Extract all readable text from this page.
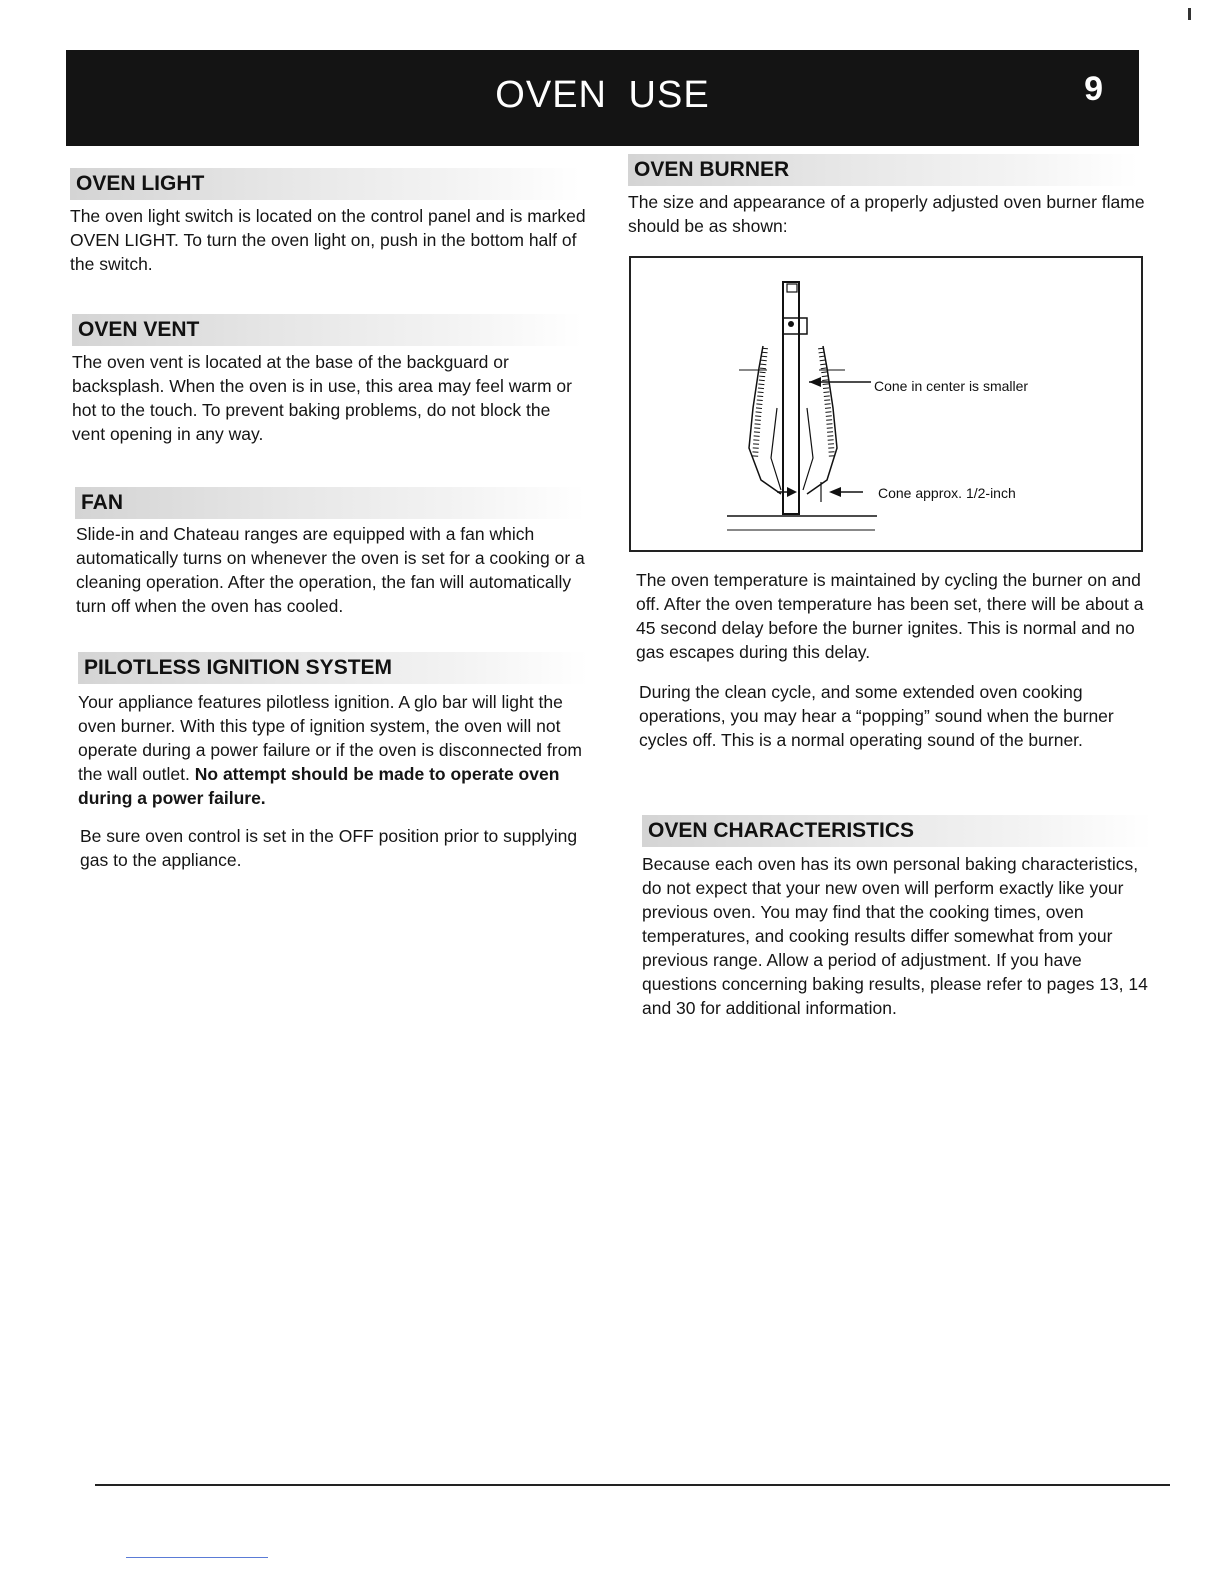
OVEN USE	9
OVEN LIGHT

The oven light switch is located on the control panel and is marked OVEN LIGHT. To turn the oven light on, push in the bottom half of the switch.

OVEN VENT

The oven vent is located at the base of the backguard or backsplash. When the oven is in use, this area may feel warm or hot to the touch. To prevent baking problems, do not block the vent opening in any way.

FAN

Slide-in and Chateau ranges are equipped with a fan which automatically turns on whenever the oven is set for a cooking or a cleaning operation. After the operation, the fan will automatically turn off when the oven has cooled.

PILOTLESS IGNITION SYSTEM

Your appliance features pilotless ignition. A glo bar will light the oven burner. With this type of ignition system, the oven will not operate during a power failure or if the oven is disconnected from the wall outlet. No attempt should be made to operate oven during a power failure.

Be sure oven control is set in the OFF position prior to supplying gas to the appliance.

OVEN BURNER

The size and appearance of a properly adjusted oven burner flame should be as shown:

Cone in center is smaller
Cone approx. 1/2-inch

The oven temperature is maintained by cycling the burner on and off. After the oven temperature has been set, there will be about a 45 second delay before the burner ignites. This is normal and no gas escapes during this delay.

During the clean cycle, and some extended oven cooking operations, you may hear a “popping” sound when the burner cycles off. This is a normal operating sound of the burner.

OVEN CHARACTERISTICS

Because each oven has its own personal baking characteristics, do not expect that your new oven will perform exactly like your previous oven. You may find that the cooking times, oven temperatures, and cooking results differ somewhat from your previous range. Allow a period of adjustment. If you have questions concerning baking results, please refer to pages 13, 14 and 30 for additional information.
